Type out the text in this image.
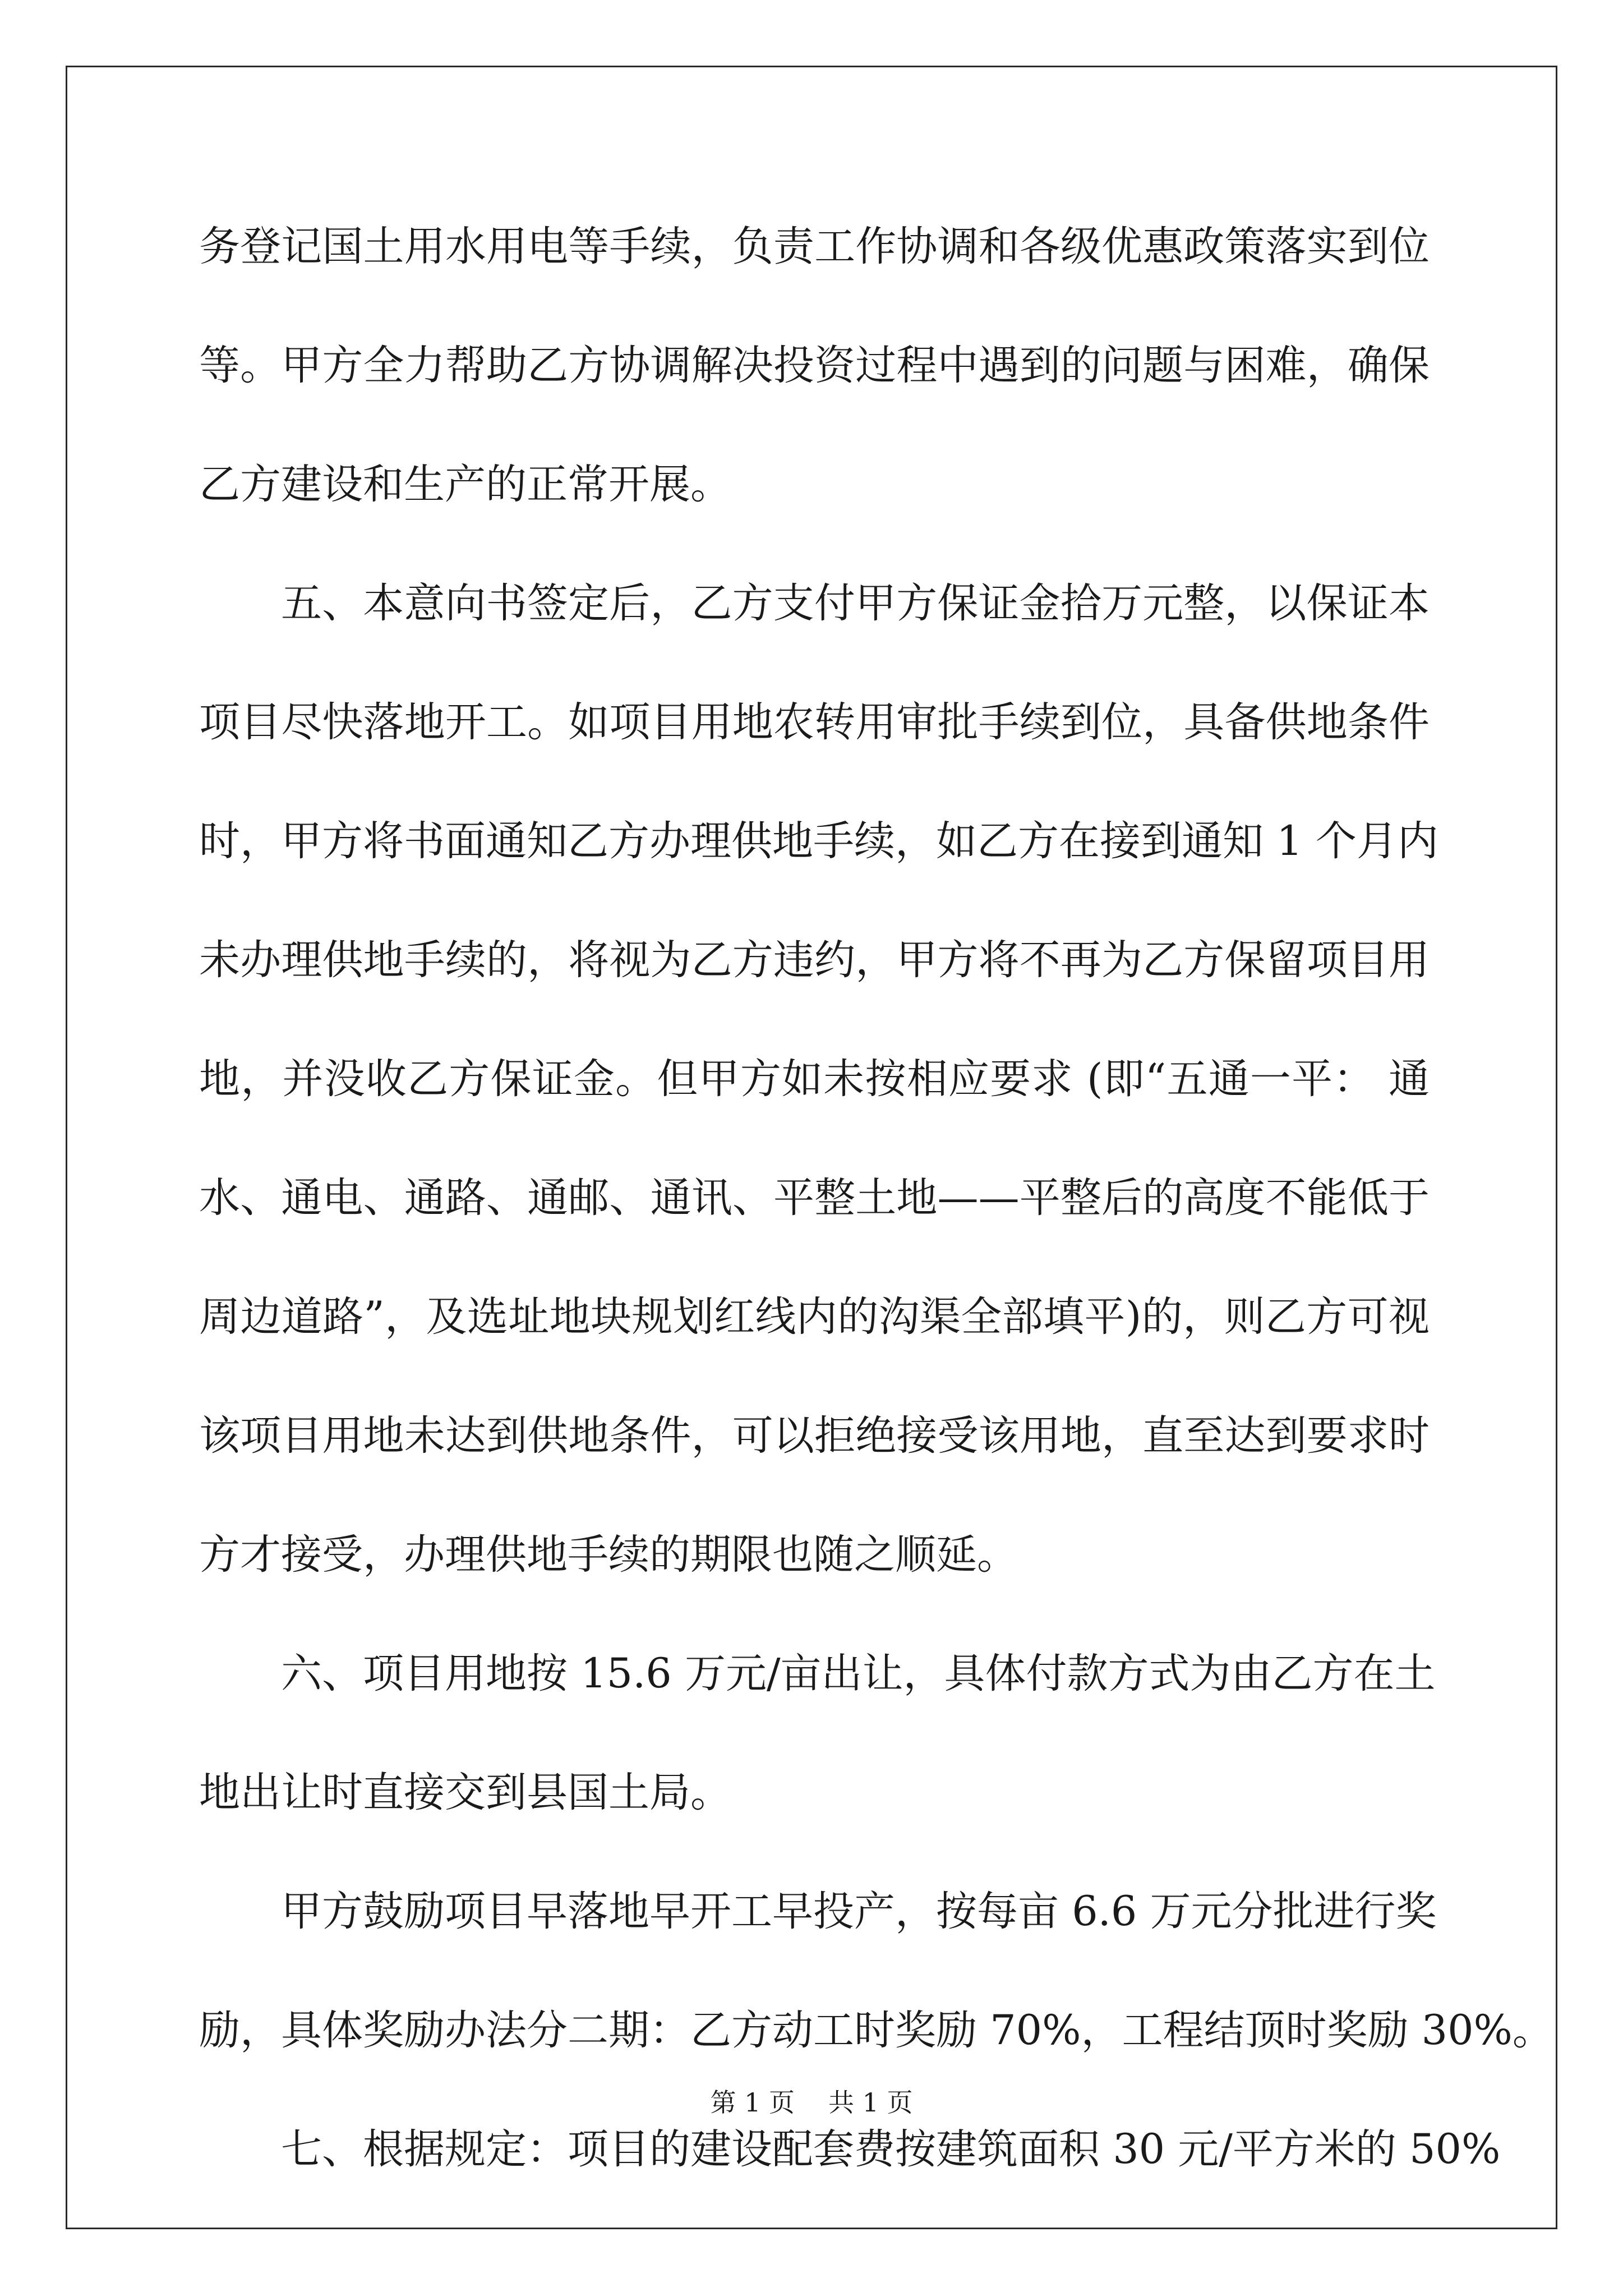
务登记国土用水用电等手续，负责工作协调和各级优惠政策落实到位
等。甲方全力帮助乙方协调解决投资过程中遇到的问题与困难，确保
乙方建设和生产的正常开展。
五、本意向书签定后，乙方支付甲方保证金拾万元整，以保证本
项目尽快落地开工。如项目用地农转用审批手续到位，具备供地条件
时，甲方将书面通知乙方办理供地手续，如乙方在接到通知 1 个月内
未办理供地手续的，将视为乙方违约，甲方将不再为乙方保留项目用
地，并没收乙方保证金。但甲方如未按相应要求 (即“五通一平： 通
水、通电、通路、通邮、通讯、平整土地——平整后的高度不能低于
周边道路”，及选址地块规划红线内的沟渠全部填平)的，则乙方可视
该项目用地未达到供地条件，可以拒绝接受该用地，直至达到要求时
方才接受，办理供地手续的期限也随之顺延。
六、项目用地按 15.6 万元/亩出让，具体付款方式为由乙方在土
地出让时直接交到县国土局。
甲方鼓励项目早落地早开工早投产，按每亩 6.6 万元分批进行奖
励，具体奖励办法分二期：乙方动工时奖励 70%，工程结顶时奖励 30%。
七、根据规定：项目的建设配套费按建筑面积 30 元/平方米的 50%
第 1 页 共 1 页
